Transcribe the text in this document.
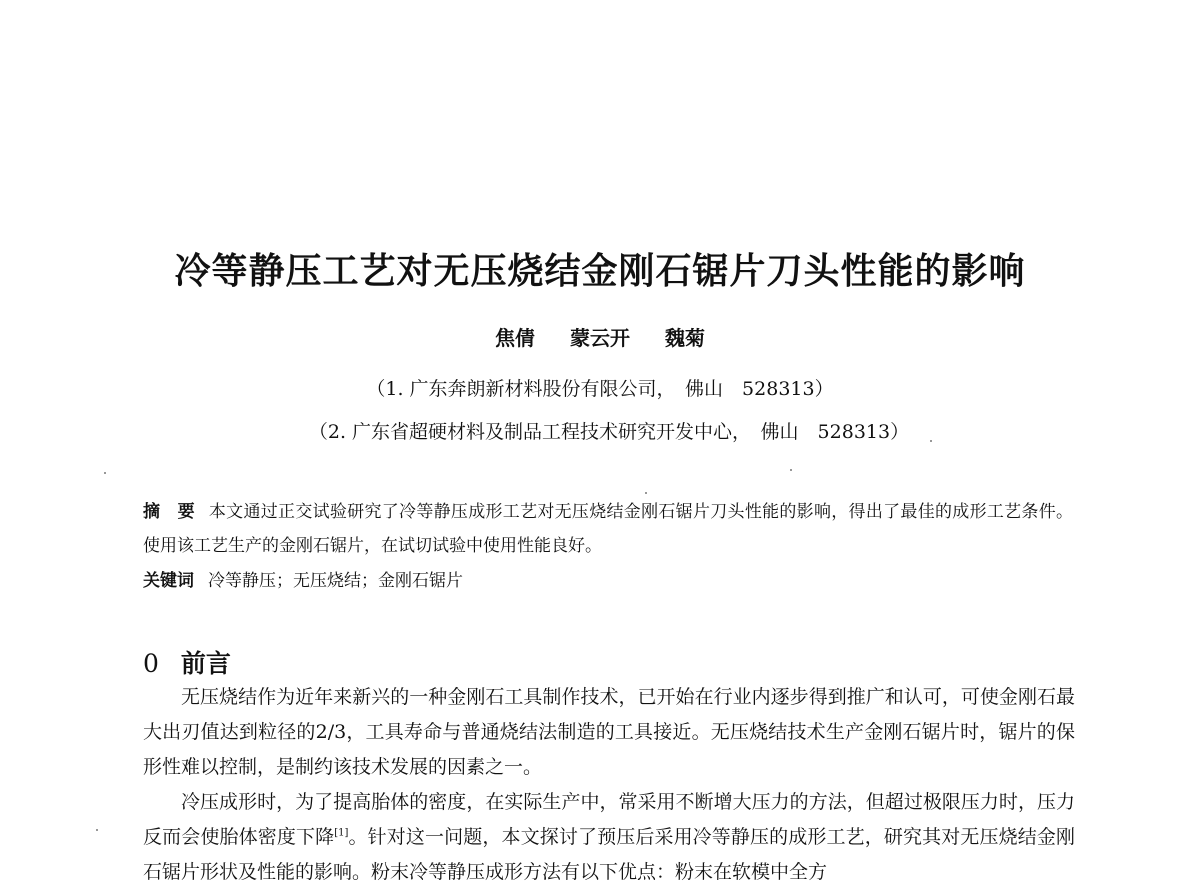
冷等静压工艺对无压烧结金刚石锯片刀头性能的影响
焦倩 蒙云开 魏菊
（1. 广东奔朗新材料股份有限公司，　佛山　528313）
（2. 广东省超硬材料及制品工程技术研究开发中心，　佛山　528313）
摘　要 本文通过正交试验研究了冷等静压成形工艺对无压烧结金刚石锯片刀头性能的影响，得出了最佳的成形工艺条件。使用该工艺生产的金刚石锯片，在试切试验中使用性能良好。
关键词 冷等静压；无压烧结；金刚石锯片
0 前言

无压烧结作为近年来新兴的一种金刚石工具制作技术，已开始在行业内逐步得到推广和认可，可使金刚石最大出刃值达到粒径的2/3，工具寿命与普通烧结法制造的工具接近。无压烧结技术生产金刚石锯片时，锯片的保形性难以控制，是制约该技术发展的因素之一。

冷压成形时，为了提高胎体的密度，在实际生产中，常采用不断增大压力的方法，但超过极限压力时，压力反而会使胎体密度下降[1]。针对这一问题，本文探讨了预压后采用冷等静压的成形工艺，研究其对无压烧结金刚石锯片形状及性能的影响。粉末冷等静压成形方法有以下优点：粉末在软模中全方
